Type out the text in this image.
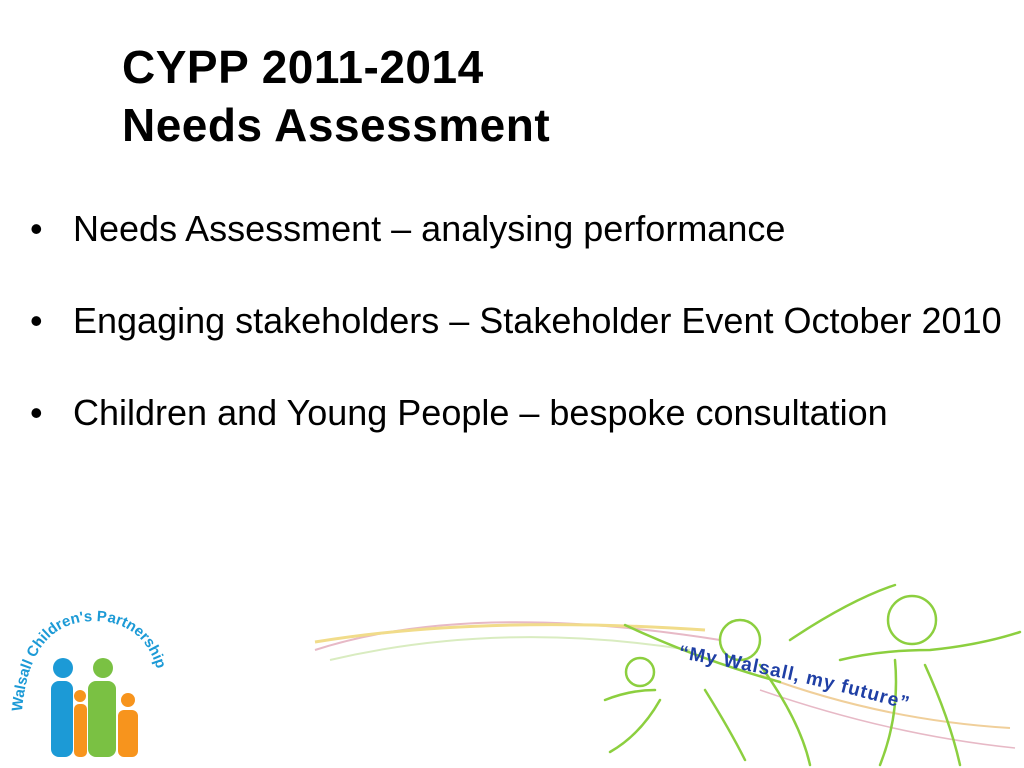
CYPP 2011-2014
Needs Assessment
• Needs Assessment – analysing performance
• Engaging stakeholders – Stakeholder Event October 2010
• Children and Young People – bespoke consultation
Walsall Children's Partnership	“My Walsall, my future”
